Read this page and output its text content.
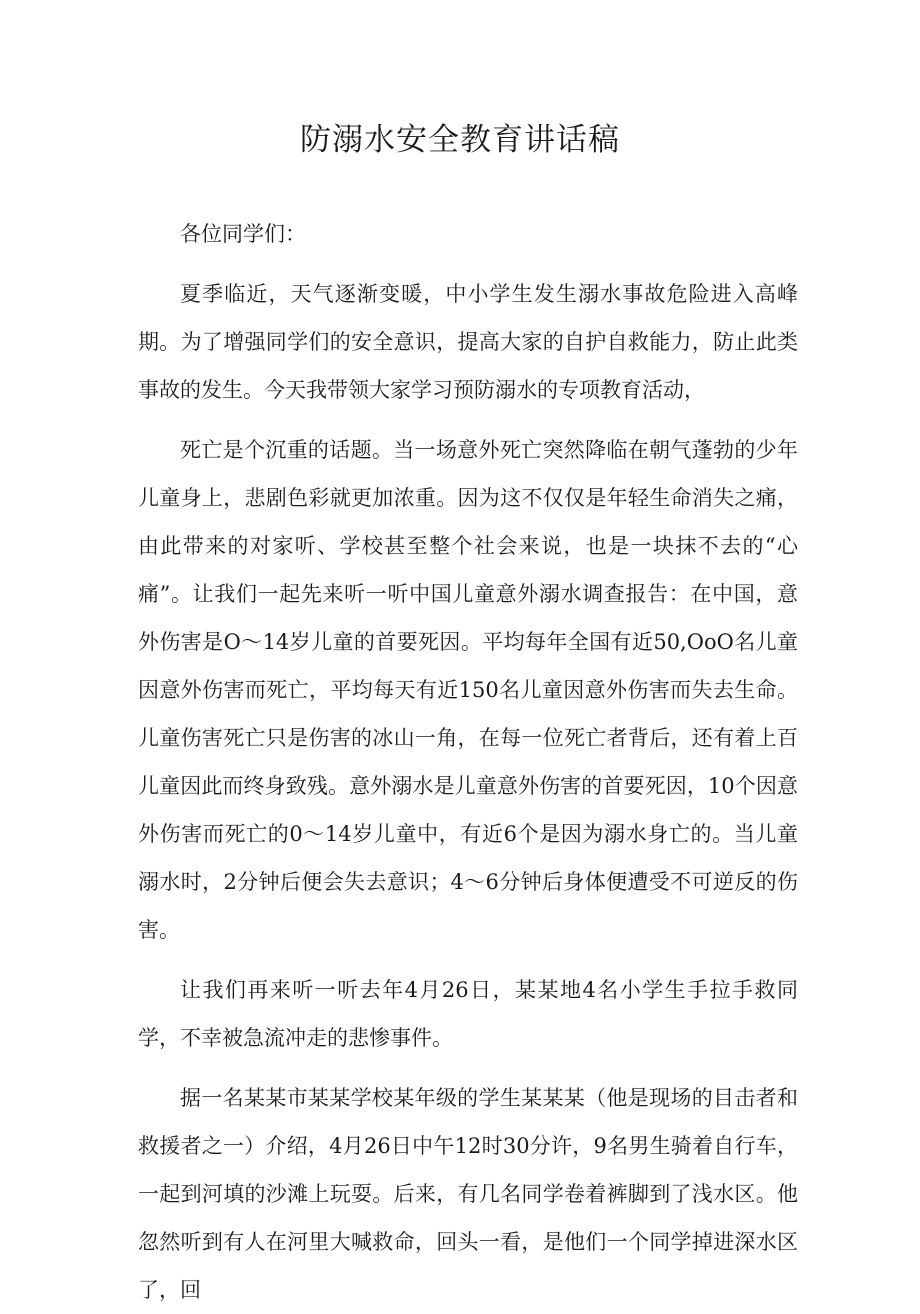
防溺水安全教育讲话稿

各位同学们：

夏季临近，天气逐渐变暖，中小学生发生溺水事故危险进入高峰期。为了增强同学们的安全意识，提高大家的自护自救能力，防止此类事故的发生。今天我带领大家学习预防溺水的专项教育活动，

死亡是个沉重的话题。当一场意外死亡突然降临在朝气蓬勃的少年儿童身上，悲剧色彩就更加浓重。因为这不仅仅是年轻生命消失之痛，由此带来的对家听、学校甚至整个社会来说，也是一块抹不去的“心痛”。让我们一起先来听一听中国儿童意外溺水调查报告：在中国，意外伤害是O～14岁儿童的首要死因。平均每年全国有近50,OoO名儿童因意外伤害而死亡，平均每天有近150名儿童因意外伤害而失去生命。儿童伤害死亡只是伤害的冰山一角，在每一位死亡者背后，还有着上百儿童因此而终身致残。意外溺水是儿童意外伤害的首要死因，10个因意外伤害而死亡的0～14岁儿童中，有近6个是因为溺水身亡的。当儿童溺水时，2分钟后便会失去意识；4～6分钟后身体便遭受不可逆反的伤害。

让我们再来听一听去年4月26日，某某地4名小学生手拉手救同学，不幸被急流冲走的悲惨事件。

据一名某某市某某学校某年级的学生某某某（他是现场的目击者和救援者之一）介绍，4月26日中午12时30分许，9名男生骑着自行车，一起到河填的沙滩上玩耍。后来，有几名同学卷着裤脚到了浅水区。他忽然听到有人在河里大喊救命，回头一看，是他们一个同学掉进深水区了，回
